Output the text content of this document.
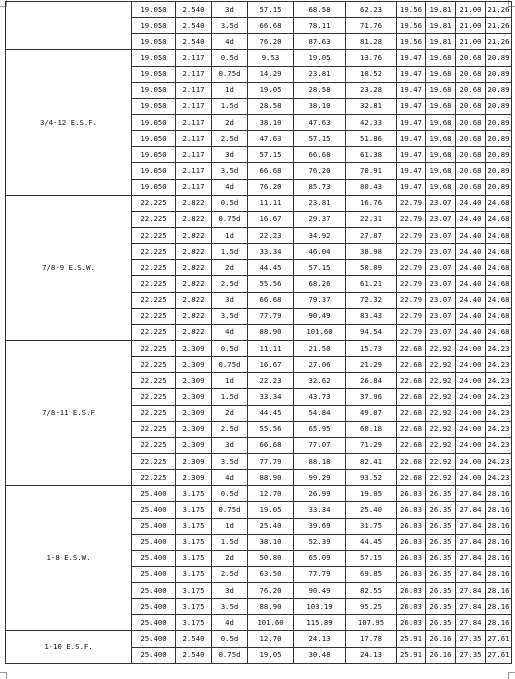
	19.050	2.540	3d	57.15	68.58	62.23	19.56	19.81	21.00	21.26
	19.050	2.540	3.5d	66.68	78.11	71.76	19.56	19.81	21.00	21.26
	19.050	2.540	4d	76.20	87.63	81.28	19.56	19.81	21.00	21.26
3/4-12 E.S.F.	19.050	2.117	0.5d	9.53	19.05	13.76	19.47	19.68	20.68	20.89
	19.050	2.117	0.75d	14.29	23.81	18.52	19.47	19.68	20.68	20.89
	19.050	2.117	1d	19.05	28.58	23.28	19.47	19.68	20.68	20.89
	19.050	2.117	1.5d	28.58	38.10	32.81	19.47	19.68	20.68	20.89
	19.050	2.117	2d	38.10	47.63	42.33	19.47	19.68	20.68	20.89
	19.050	2.117	2.5d	47.63	57.15	51.86	19.47	19.68	20.68	20.89
	19.050	2.117	3d	57.15	66.68	61.38	19.47	19.68	20.68	20.89
	19.050	2.117	3.5d	66.68	76.20	70.91	19.47	19.68	20.68	20.89
	19.050	2.117	4d	76.20	85.73	80.43	19.47	19.68	20.68	20.89
7/8-9 E.S.W.	22.225	2.822	0.5d	11.11	23.81	16.76	22.79	23.07	24.40	24.68
	22.225	2.822	0.75d	16.67	29.37	22.31	22.79	23.07	24.40	24.68
	22.225	2.822	1d	22.23	34.92	27.87	22.79	23.07	24.40	24.68
	22.225	2.822	1.5d	33.34	46.04	38.98	22.79	23.07	24.40	24.68
	22.225	2.822	2d	44.45	57.15	50.09	22.79	23.07	24.40	24.68
	22.225	2.822	2.5d	55.56	68.26	61.21	22.79	23.07	24.40	24.68
	22.225	2.822	3d	66.68	79.37	72.32	22.79	23.07	24.40	24.68
	22.225	2.822	3.5d	77.79	90.49	83.43	22.79	23.07	24.40	24.68
	22.225	2.822	4d	88.90	101.60	94.54	22.79	23.07	24.40	24.68
7/8-11 E.S.F	22.225	2.309	0.5d	11.11	21.50	15.73	22.68	22.92	24.00	24.23
	22.225	2.309	0.75d	16.67	27.06	21.29	22.68	22.92	24.00	24.23
	22.225	2.309	1d	22.23	32.62	26.84	22.68	22.92	24.00	24.23
	22.225	2.309	1.5d	33.34	43.73	37.96	22.68	22.92	24.00	24.23
	22.225	2.309	2d	44.45	54.84	49.07	22.68	22.92	24.00	24.23
	22.225	2.309	2.5d	55.56	65.95	60.18	22.68	22.92	24.00	24.23
	22.225	2.309	3d	66.68	77.07	71.29	22.68	22.92	24.00	24.23
	22.225	2.309	3.5d	77.79	88.18	82.41	22.68	22.92	24.00	24.23
	22.225	2.309	4d	88.90	99.29	93.52	22.68	22.92	24.00	24.23
1-8 E.S.W.	25.400	3.175	0.5d	12.70	26.99	19.05	26.03	26.35	27.84	28.16
	25.400	3.175	0.75d	19.05	33.34	25.40	26.03	26.35	27.84	28.16
	25.400	3.175	1d	25.40	39.69	31.75	26.03	26.35	27.84	28.16
	25.400	3.175	1.5d	38.10	52.39	44.45	26.03	26.35	27.84	28.16
	25.400	3.175	2d	50.80	65.09	57.15	26.03	26.35	27.84	28.16
	25.400	3.175	2.5d	63.50	77.79	69.85	26.03	26.35	27.84	28.16
	25.400	3.175	3d	76.20	90.49	82.55	26.03	26.35	27.84	28.16
	25.400	3.175	3.5d	88.90	103.19	95.25	26.03	26.35	27.84	28.16
	25.400	3.175	4d	101.60	115.89	107.95	26.03	26.35	27.84	28.16
1-10 E.S.F.	25.400	2.540	0.5d	12.70	24.13	17.78	25.91	26.16	27.35	27.61
	25.400	2.540	0.75d	19.05	30.48	24.13	25.91	26.16	27.35	27.61
